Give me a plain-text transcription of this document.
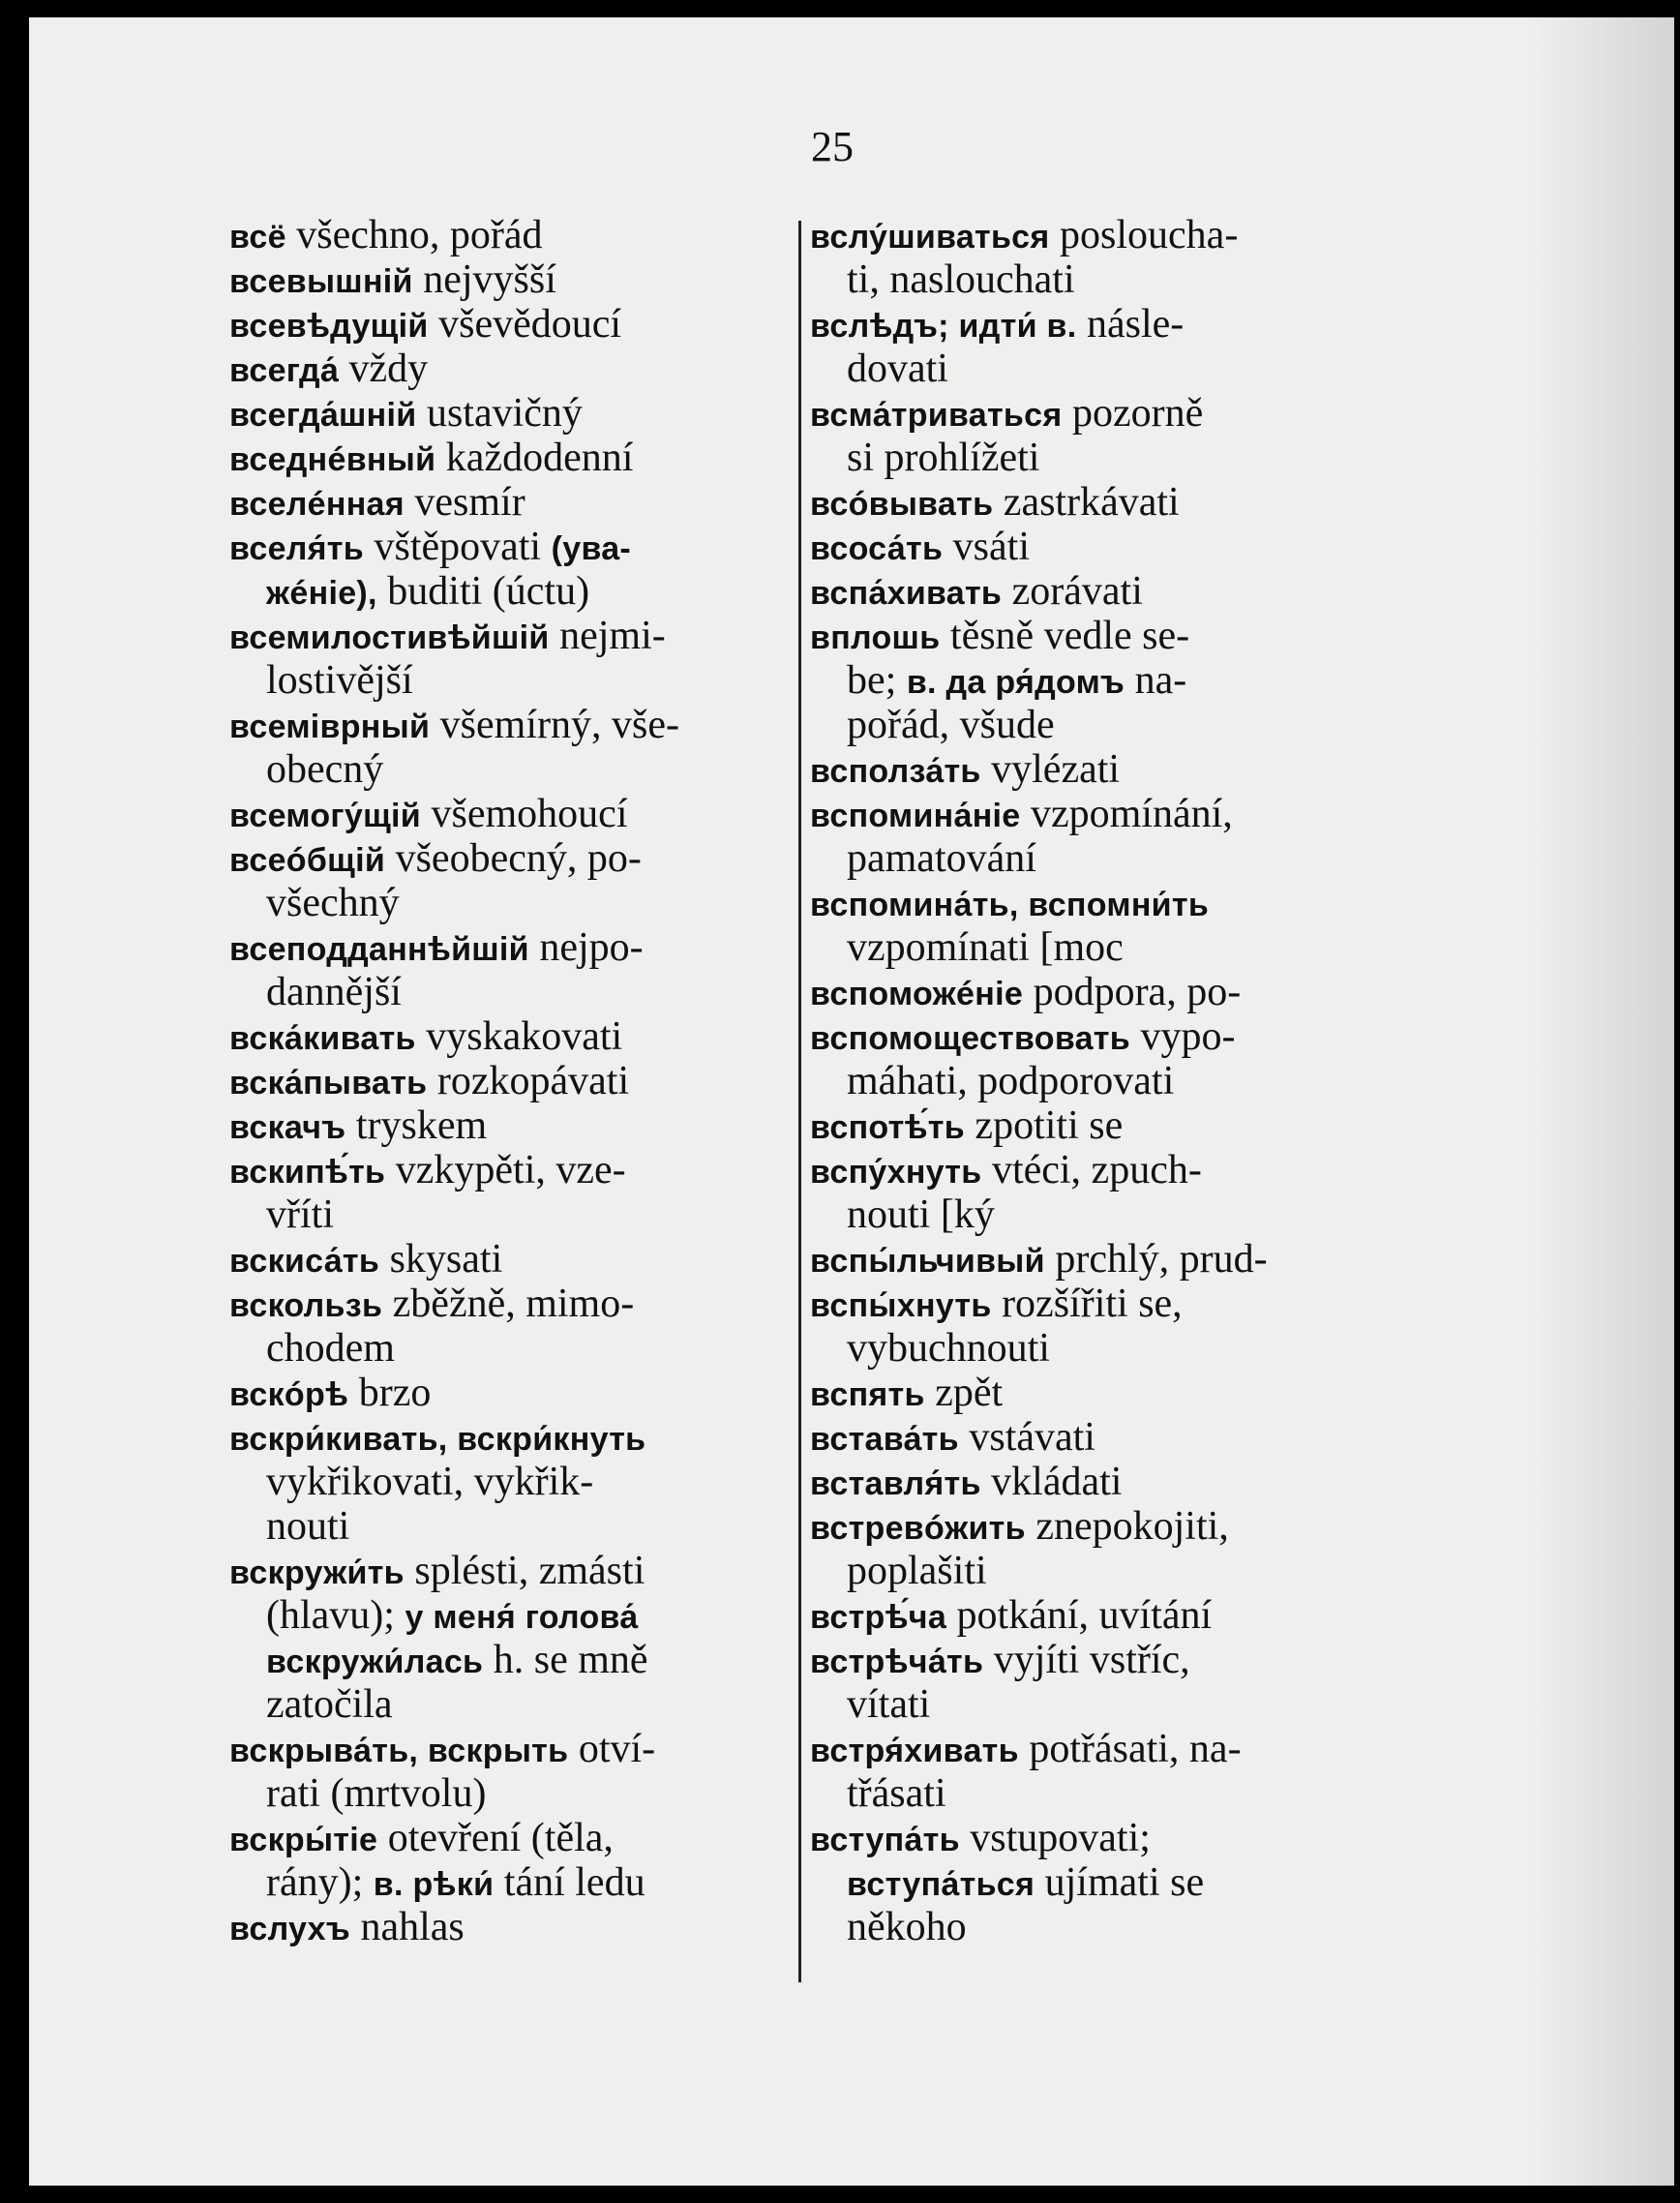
25
всё všechno, pořád
всевышній nejvyšší
всевѣдущій vševědoucí
всегда́ vždy
всегда́шній ustavičný
вседнéвный každodenní
вселéнная vesmír
вселя́ть vštěpovati (ува-
жéніе), buditi (úctu)
всемилостивѣйшій nejmi-
lostivější
всеміврный všemírný, vše-
obecný
всемогу́щій všemohoucí
всеóбщій všeobecný, po-
všechný
всеподданнѣйшій nejpo-
dannější
вска́кивать vyskakovati
вска́пывать rozkopávati
вскачъ tryskem
вскипѣ́ть vzkypěti, vze-
vříti
вскиса́ть skysati
вскользь zběžně, mimo-
chodem
вскóрѣ brzo
вскри́кивать, вскри́кнуть
vykřikovati, vykřik-
nouti
вскружи́ть splésti, zmásti
(hlavu); у меня́ голова́
вскружи́лась h. se mně
zatočila
вскрыва́ть, вскрыть otví-
rati (mrtvolu)
вскры́тіе otevření (těla,
rány); в. рѣки́ tání ledu
вслухъ nahlas
вслу́шиваться posloucha-
ti, naslouchati
вслѣдъ; идти́ в. násle-
dovati
всма́триваться pozorně
si prohlížeti
всóвывать zastrkávati
всоса́ть vsáti
вспа́хивать zorávati
вплошь těsně vedle se-
be; в. да ря́домъ na-
pořád, všude
всполза́ть vylézati
вспомина́ніе vzpomínání,
pamatování
вспомина́ть, вспомни́ть
vzpomínati [moc
вспоможéніе podpora, po-
вспомоществовать vypo-
máhati, podporovati
вспотѣ́ть zpotiti se
вспу́хнуть vtéci, zpuch-
nouti [ký
вспы́льчивый prchlý, prud-
вспы́хнуть rozšířiti se,
vybuchnouti
вспять zpět
встава́ть vstávati
вставля́ть vkládati
встревóжить znepokojiti,
poplašiti
встрѣ́ча potkání, uvítání
встрѣча́ть vyjíti vstříc,
vítati
встря́хивать potřásati, na-
třásati
вступа́ть vstupovati;
вступа́ться ujímati se
někoho
